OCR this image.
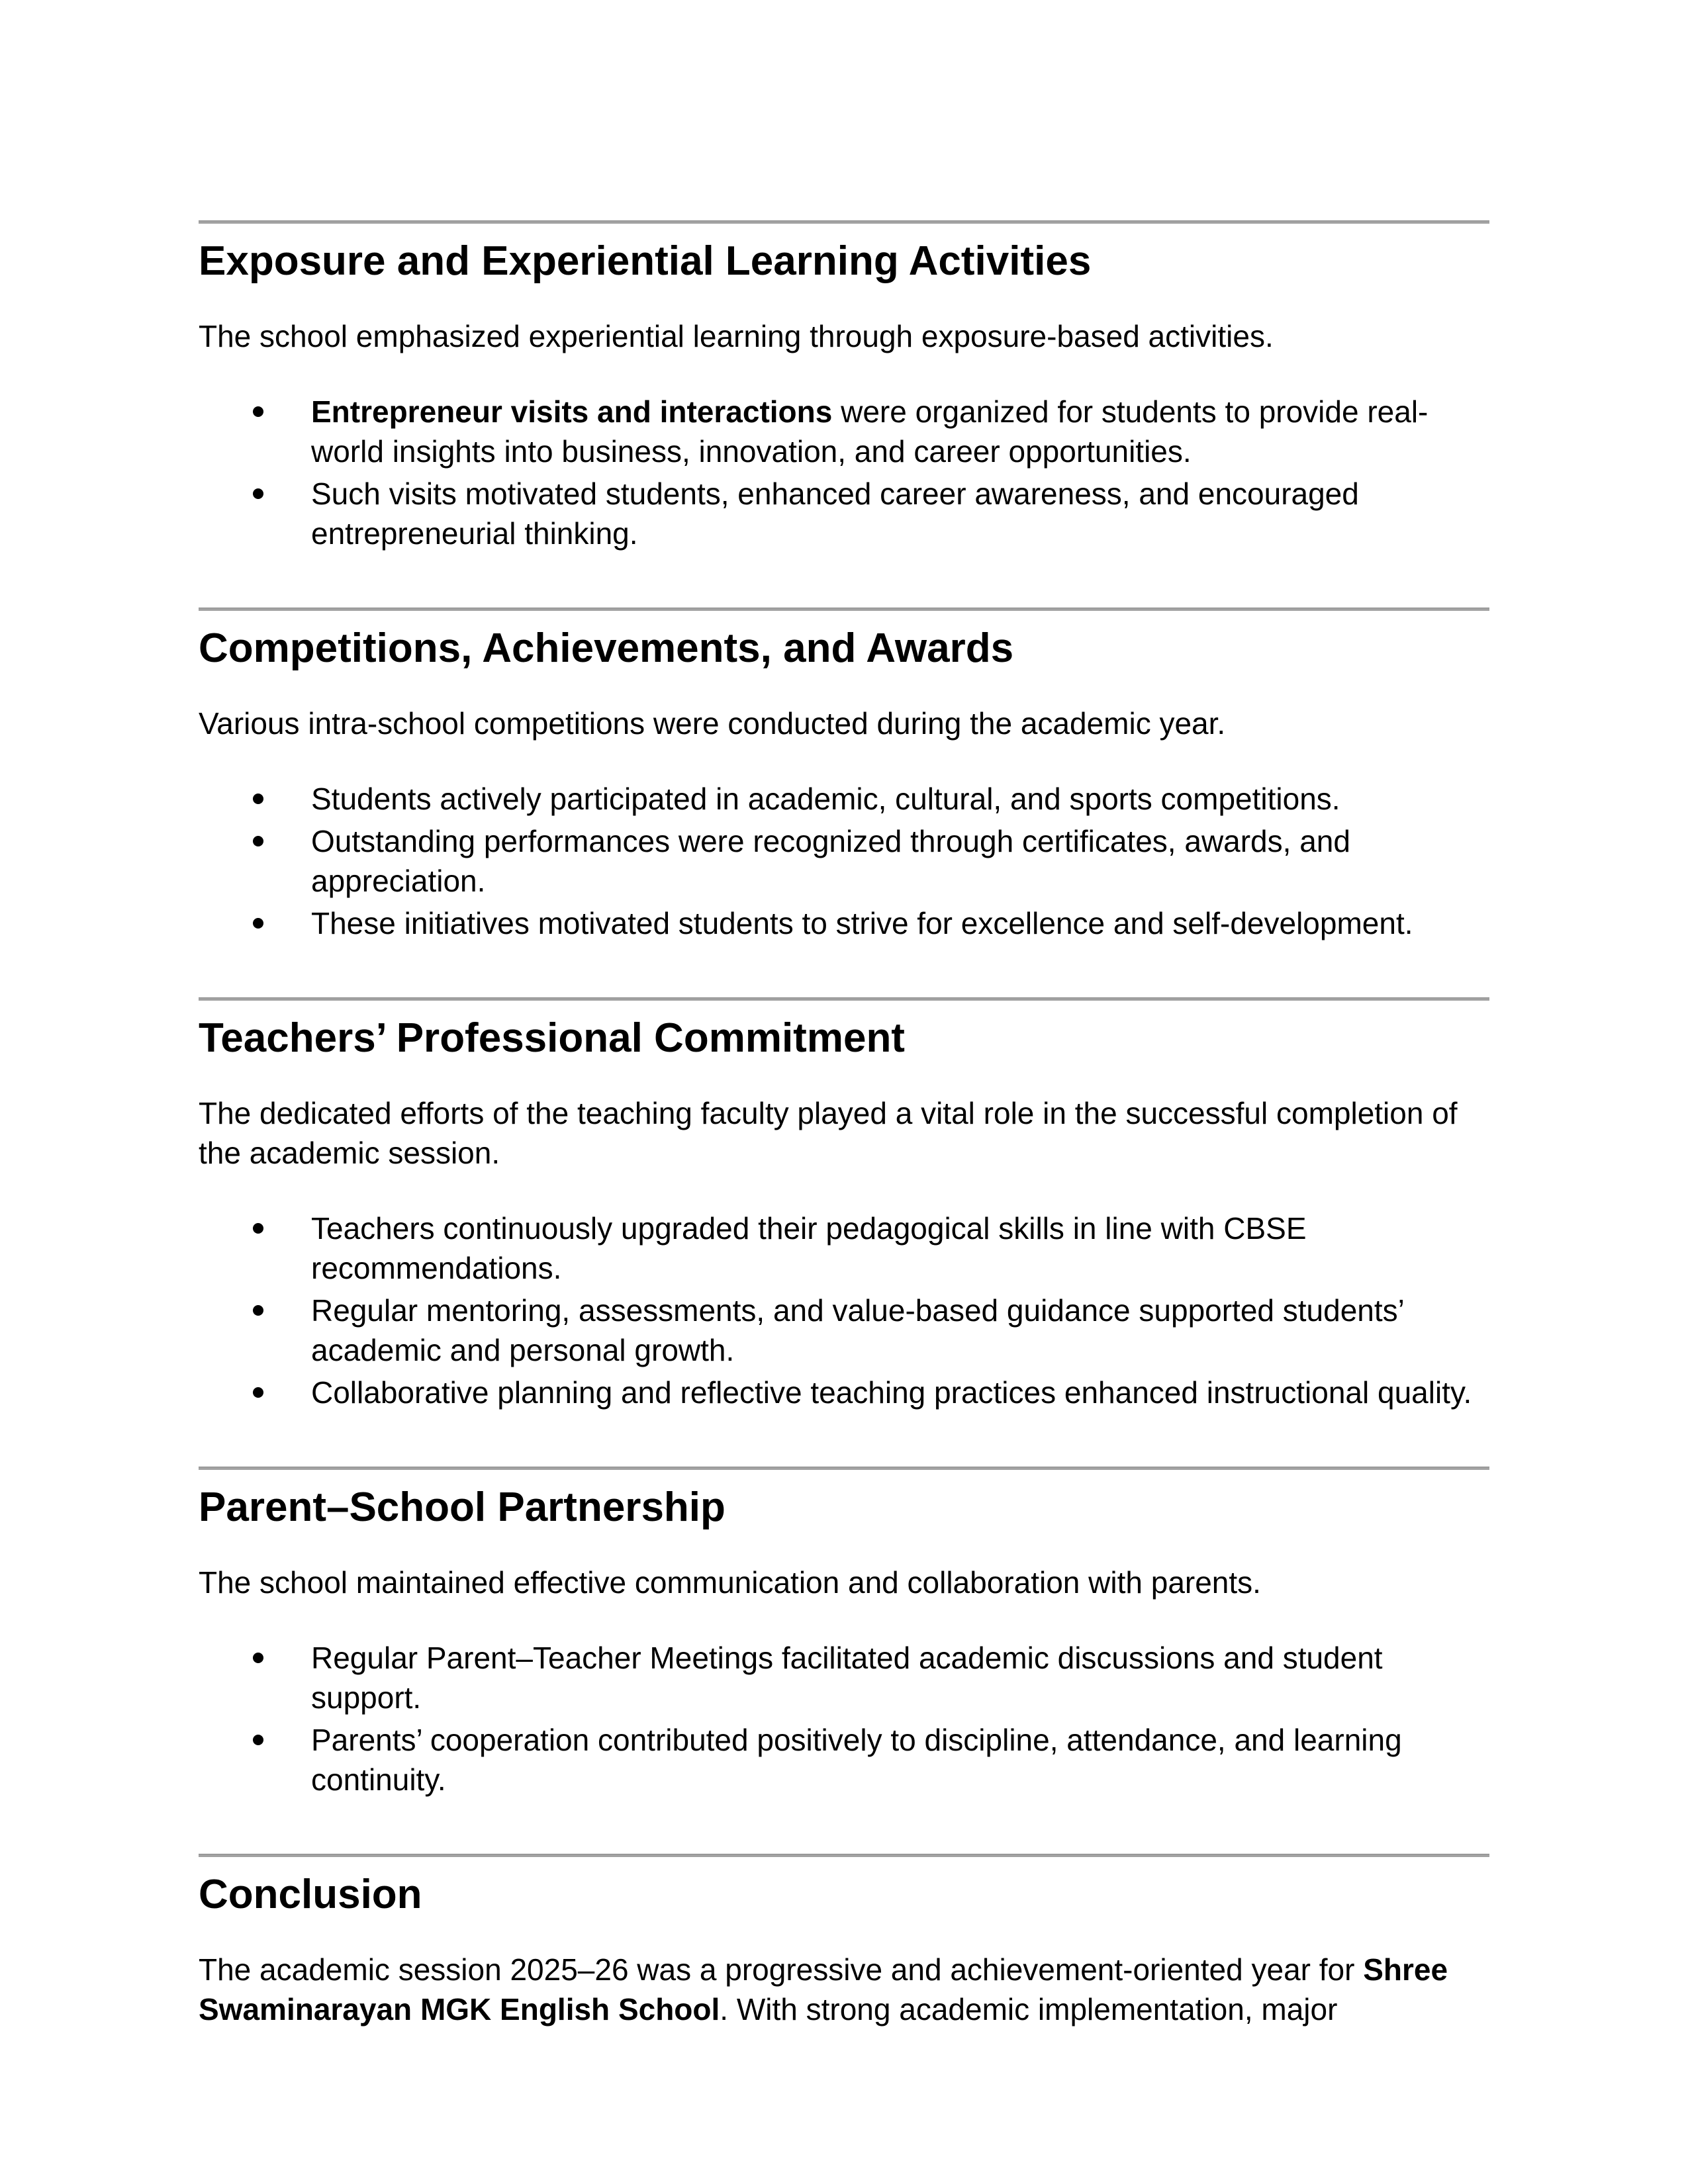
Exposure and Experiential Learning Activities

The school emphasized experiential learning through exposure-based activities.

Entrepreneur visits and interactions were organized for students to provide real-world insights into business, innovation, and career opportunities.
Such visits motivated students, enhanced career awareness, and encouraged entrepreneurial thinking.
Competitions, Achievements, and Awards

Various intra-school competitions were conducted during the academic year.

Students actively participated in academic, cultural, and sports competitions.
Outstanding performances were recognized through certificates, awards, and appreciation.
These initiatives motivated students to strive for excellence and self-development.
Teachers’ Professional Commitment

The dedicated efforts of the teaching faculty played a vital role in the successful completion of the academic session.

Teachers continuously upgraded their pedagogical skills in line with CBSE recommendations.
Regular mentoring, assessments, and value-based guidance supported students’ academic and personal growth.
Collaborative planning and reflective teaching practices enhanced instructional quality.
Parent–School Partnership

The school maintained effective communication and collaboration with parents.

Regular Parent–Teacher Meetings facilitated academic discussions and student support.
Parents’ cooperation contributed positively to discipline, attendance, and learning continuity.
Conclusion

The academic session 2025–26 was a progressive and achievement-oriented year for Shree Swaminarayan MGK English School. With strong academic implementation, major
